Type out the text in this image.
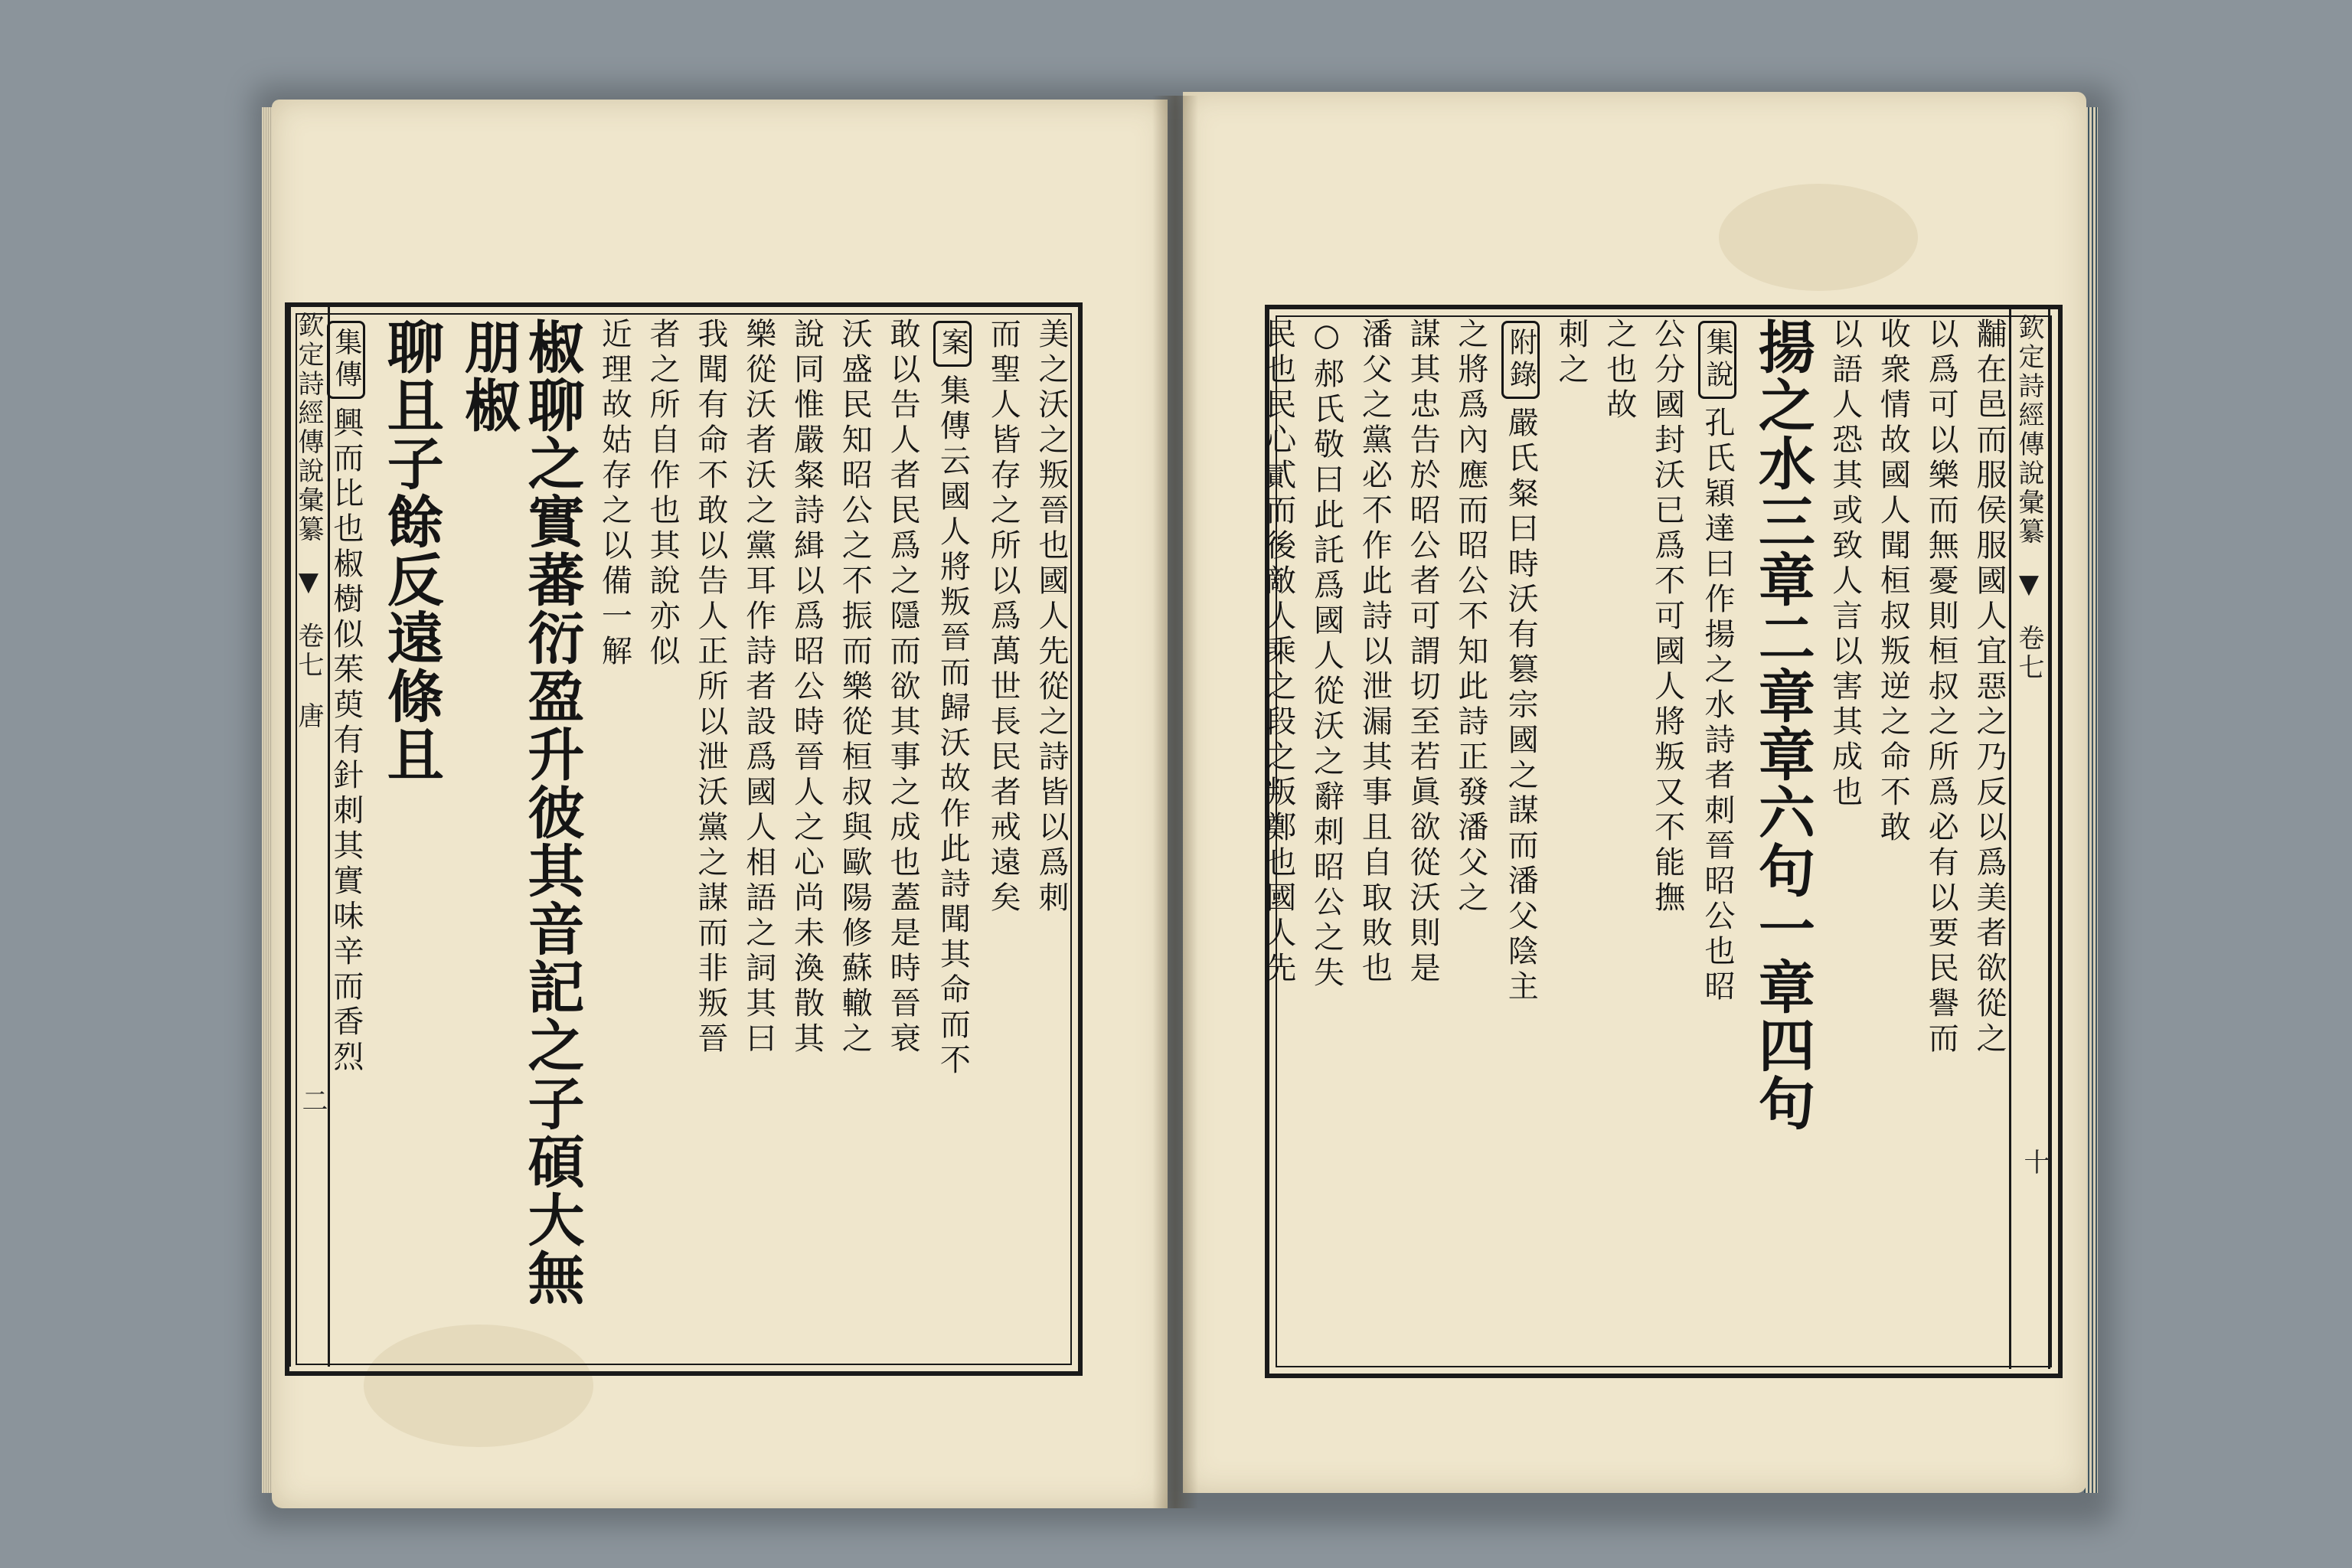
欽定詩經傳說彙纂 ▼ 卷七 唐
二
欽定詩經傳說彙纂 ▼ 卷七
十
美之沃之叛晉也國人先從之詩皆以爲刺
而聖人皆存之所以爲萬世長民者戒遠矣
案集傳云國人將叛晉而歸沃故作此詩聞其命而不
敢以告人者民爲之隱而欲其事之成也蓋是時晉衰
沃盛民知昭公之不振而樂從桓叔與歐陽修蘇轍之
說同惟嚴粲詩緝以爲昭公時晉人之心尚未渙散其
樂從沃者沃之黨耳作詩者設爲國人相語之詞其曰
我聞有命不敢以告人正所以泄沃黨之謀而非叛晉
者之所自作也其說亦似
近理故姑存之以備一解
椒聊之實蕃衍盈升彼其音記之子碩大無朋椒
聊且子餘反遠條且
集傳興而比也椒樹似茱萸有針刺其實味辛而香烈	黼在邑而服侯服國人宜惡之乃反以爲美者欲從之
以爲可以樂而無憂則桓叔之所爲必有以要民譽而
收衆情故國人聞桓叔叛逆之命不敢
以語人恐其或致人言以害其成也
揚之水三章二章章六句一章四句
集說孔氏穎達曰作揚之水詩者刺晉昭公也昭
公分國封沃已爲不可國人將叛又不能撫
之也故
刺之
附錄嚴氏粲曰時沃有篡宗國之謀而潘父陰主
之將爲內應而昭公不知此詩正發潘父之
謀其忠告於昭公者可謂切至若眞欲從沃則是
潘父之黨必不作此詩以泄漏其事且自取敗也
○郝氏敬曰此託爲國人從沃之辭刺昭公之失
民也民心貳而後敵人乘之段之叛鄭也國人先
